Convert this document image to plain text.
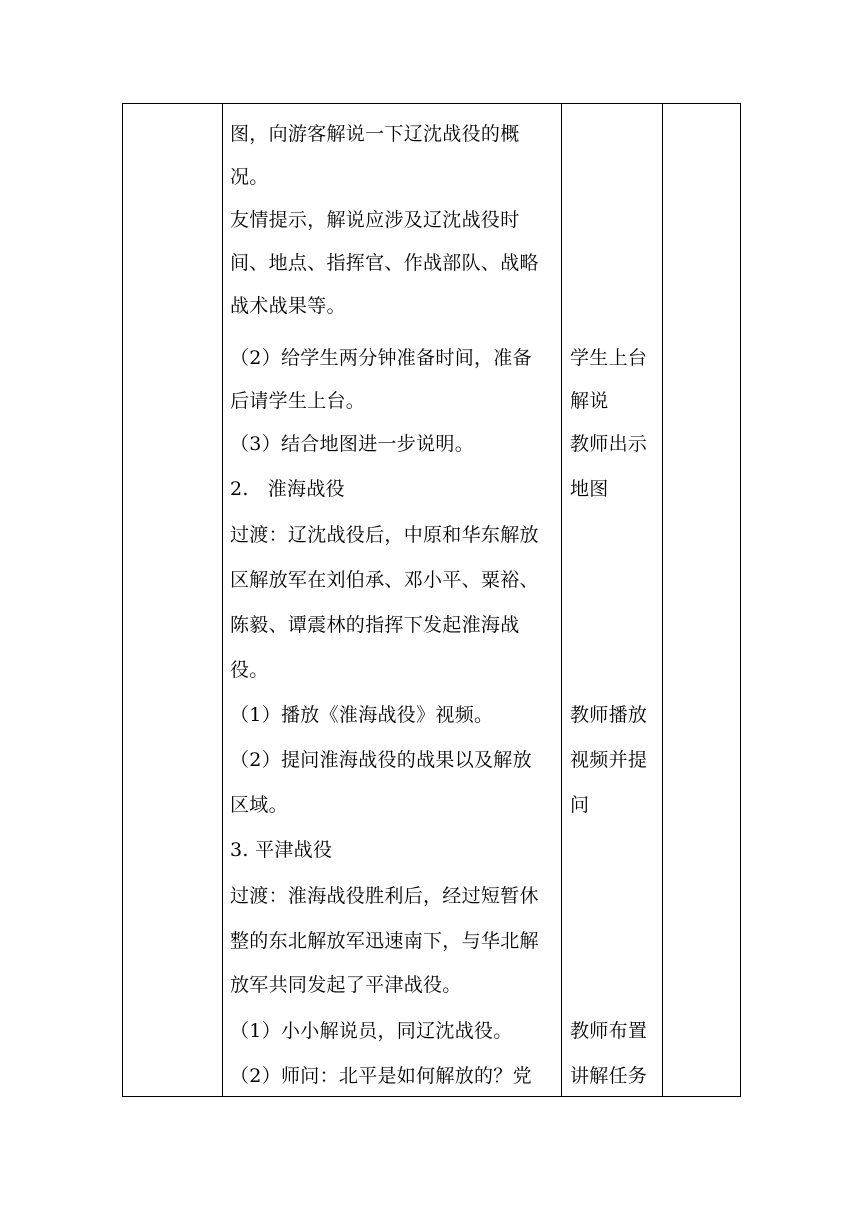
图，向游客解说一下辽沈战役的概
况。
友情提示，解说应涉及辽沈战役时
间、地点、指挥官、作战部队、战略
战术战果等。
（2）给学生两分钟准备时间，准备
后请学生上台。
（3）结合地图进一步说明。
2.   淮海战役
过渡：辽沈战役后，中原和华东解放
区解放军在刘伯承、邓小平、粟裕、
陈毅、谭震林的指挥下发起淮海战
役。
（1）播放《淮海战役》视频。
（2）提问淮海战役的战果以及解放
区域。
3. 平津战役
过渡：淮海战役胜利后，经过短暂休
整的东北解放军迅速南下，与华北解
放军共同发起了平津战役。
（1）小小解说员，同辽沈战役。
（2）师问：北平是如何解放的？党
学生上台
解说
教师出示
地图
教师播放
视频并提
问
教师布置
讲解任务
